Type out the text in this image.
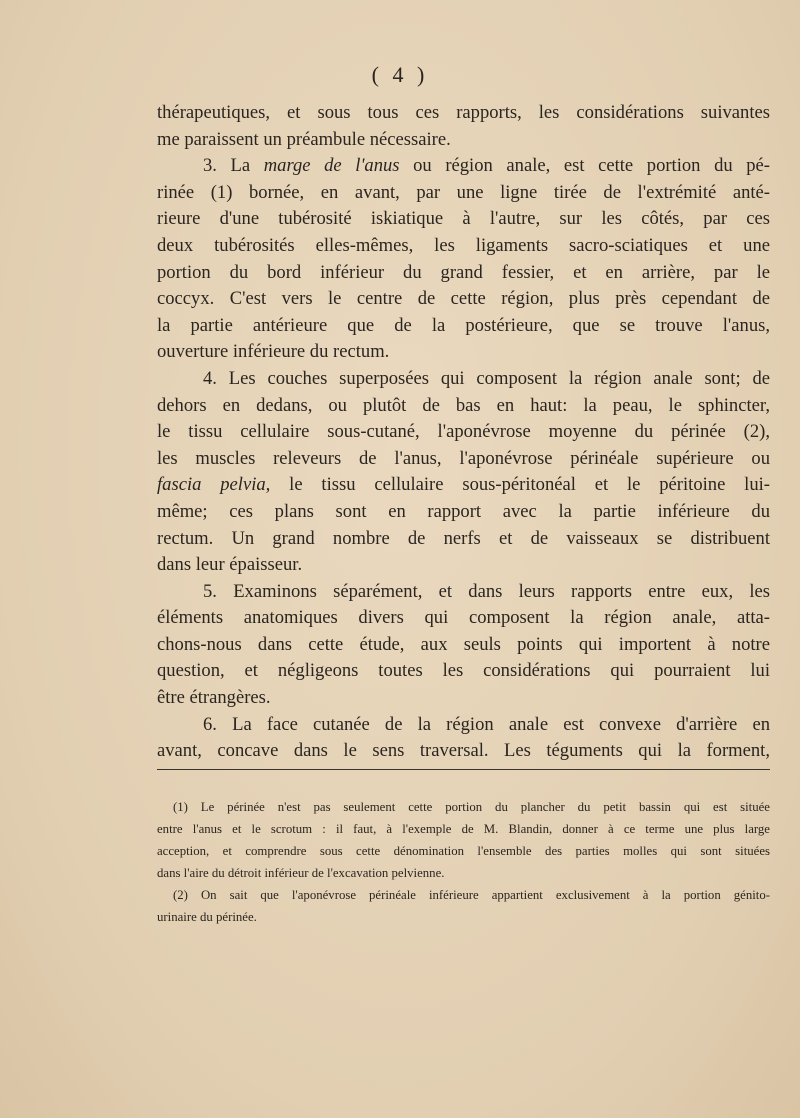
( 4 )
thérapeutiques, et sous tous ces rapports, les considérations suivantes
me paraissent un préambule nécessaire.
3. La marge de l'anus ou région anale, est cette portion du pé-
rinée (1) bornée, en avant, par une ligne tirée de l'extrémité anté-
rieure d'une tubérosité iskiatique à l'autre, sur les côtés, par ces
deux tubérosités elles-mêmes, les ligaments sacro-sciatiques et une
portion du bord inférieur du grand fessier, et en arrière, par le
coccyx. C'est vers le centre de cette région, plus près cependant de
la partie antérieure que de la postérieure, que se trouve l'anus,
ouverture inférieure du rectum.
4. Les couches superposées qui composent la région anale sont; de
dehors en dedans, ou plutôt de bas en haut: la peau, le sphincter,
le tissu cellulaire sous-cutané, l'aponévrose moyenne du périnée (2),
les muscles releveurs de l'anus, l'aponévrose périnéale supérieure ou
fascia pelvia, le tissu cellulaire sous-péritonéal et le péritoine lui-
même; ces plans sont en rapport avec la partie inférieure du
rectum. Un grand nombre de nerfs et de vaisseaux se distribuent
dans leur épaisseur.
5. Examinons séparément, et dans leurs rapports entre eux, les
éléments anatomiques divers qui composent la région anale, atta-
chons-nous dans cette étude, aux seuls points qui importent à notre
question, et négligeons toutes les considérations qui pourraient lui
être étrangères.
6. La face cutanée de la région anale est convexe d'arrière en
avant, concave dans le sens traversal. Les téguments qui la forment,
(1) Le périnée n'est pas seulement cette portion du plancher du petit bassin qui est située
entre l'anus et le scrotum : il faut, à l'exemple de M. Blandin, donner à ce terme une plus large
acception, et comprendre sous cette dénomination l'ensemble des parties molles qui sont situées
dans l'aire du détroit inférieur de l'excavation pelvienne.
(2) On sait que l'aponévrose périnéale inférieure appartient exclusivement à la portion génito-
urinaire du périnée.
